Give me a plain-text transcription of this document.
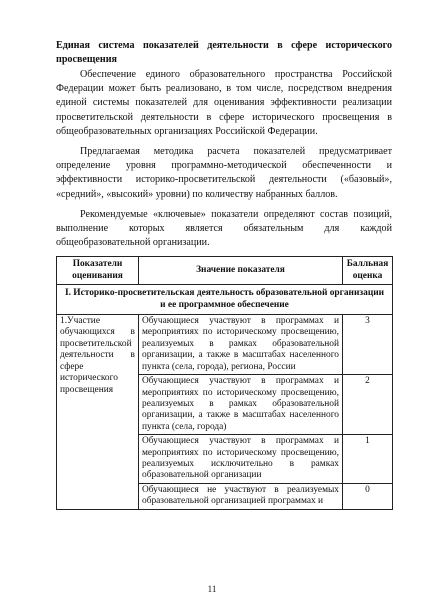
Единая система показателей деятельности в сфере исторического просвещения

Обеспечение единого образовательного пространства Российской Федерации может быть реализовано, в том числе, посредством внедрения единой системы показателей для оценивания эффективности реализации просветительской деятельности в сфере исторического просвещения в общеобразовательных организациях Российской Федерации.

Предлагаемая методика расчета показателей предусматривает определение уровня программно-методической обеспеченности и эффективности историко-просветительской деятельности («базовый», «средний», «высокий» уровни) по количеству набранных баллов.

Рекомендуемые «ключевые» показатели определяют состав позиций, выполнение которых является обязательным для каждой общеобразовательной организации.

Показатели оценивания	Значение показателя	Балльная оценка
I. Историко-просветительская деятельность образовательной организации и ее программное обеспечение		
1.Участие обучающихся в просветительской деятельности в сфере исторического просвещения	Обучающиеся участвуют в программах и мероприятиях по историческому просвещению, реализуемых в рамках образовательной организации, а также в масштабах населенного пункта (села, города), региона, России	3
	Обучающиеся участвуют в программах и мероприятиях по историческому просвещению, реализуемых в рамках образовательной организации, а также в масштабах населенного пункта (села, города)	2
	Обучающиеся участвуют в программах и мероприятиях по историческому просвещению, реализуемых исключительно в рамках образовательной организации	1
	Обучающиеся не участвуют в реализуемых образовательной организацией программах и	0
11
